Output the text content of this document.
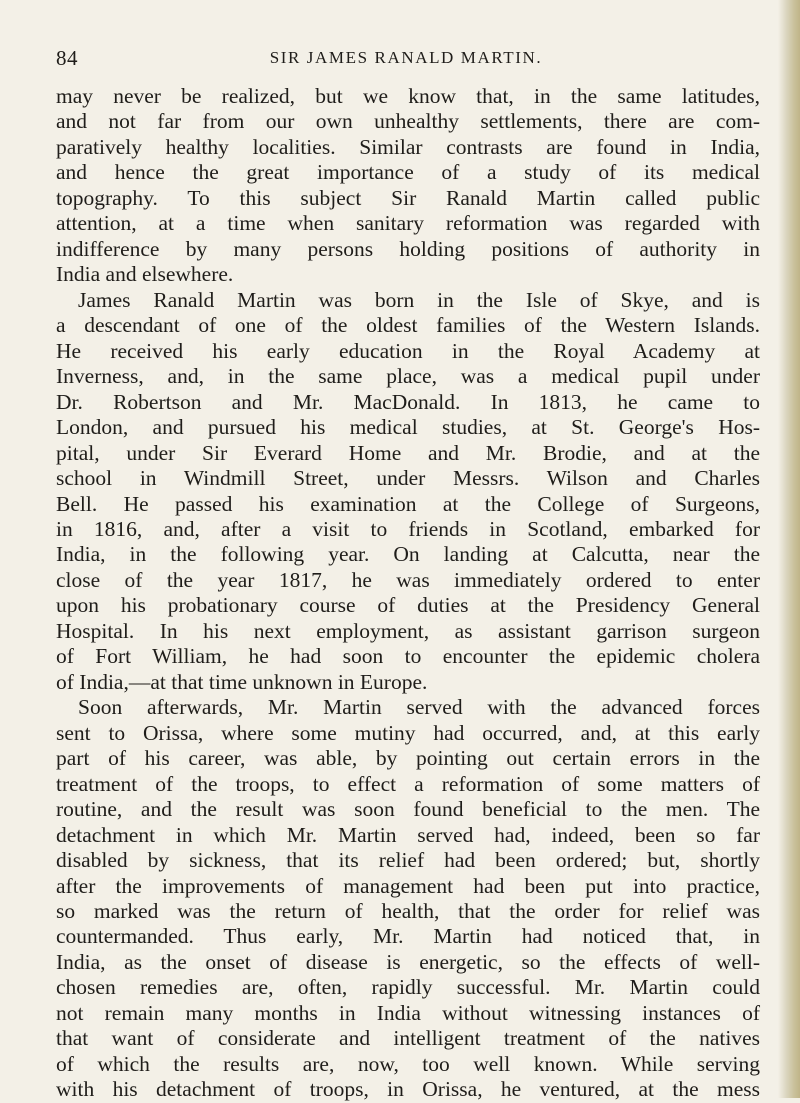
84	SIR JAMES RANALD MARTIN.
may never be realized, but we know that, in the same latitudes,
and not far from our own unhealthy settlements, there are com-
paratively healthy localities. Similar contrasts are found in India,
and hence the great importance of a study of its medical
topography. To this subject Sir Ranald Martin called public
attention, at a time when sanitary reformation was regarded with
indifference by many persons holding positions of authority in
India and elsewhere.
James Ranald Martin was born in the Isle of Skye, and is
a descendant of one of the oldest families of the Western Islands.
He received his early education in the Royal Academy at
Inverness, and, in the same place, was a medical pupil under
Dr. Robertson and Mr. MacDonald. In 1813, he came to
London, and pursued his medical studies, at St. George's Hos-
pital, under Sir Everard Home and Mr. Brodie, and at the
school in Windmill Street, under Messrs. Wilson and Charles
Bell. He passed his examination at the College of Surgeons,
in 1816, and, after a visit to friends in Scotland, embarked for
India, in the following year. On landing at Calcutta, near the
close of the year 1817, he was immediately ordered to enter
upon his probationary course of duties at the Presidency General
Hospital. In his next employment, as assistant garrison surgeon
of Fort William, he had soon to encounter the epidemic cholera
of India,—at that time unknown in Europe.
Soon afterwards, Mr. Martin served with the advanced forces
sent to Orissa, where some mutiny had occurred, and, at this early
part of his career, was able, by pointing out certain errors in the
treatment of the troops, to effect a reformation of some matters of
routine, and the result was soon found beneficial to the men. The
detachment in which Mr. Martin served had, indeed, been so far
disabled by sickness, that its relief had been ordered; but, shortly
after the improvements of management had been put into practice,
so marked was the return of health, that the order for relief was
countermanded. Thus early, Mr. Martin had noticed that, in
India, as the onset of disease is energetic, so the effects of well-
chosen remedies are, often, rapidly successful. Mr. Martin could
not remain many months in India without witnessing instances of
that want of considerate and intelligent treatment of the natives
of which the results are, now, too well known. While serving
with his detachment of troops, in Orissa, he ventured, at the mess
